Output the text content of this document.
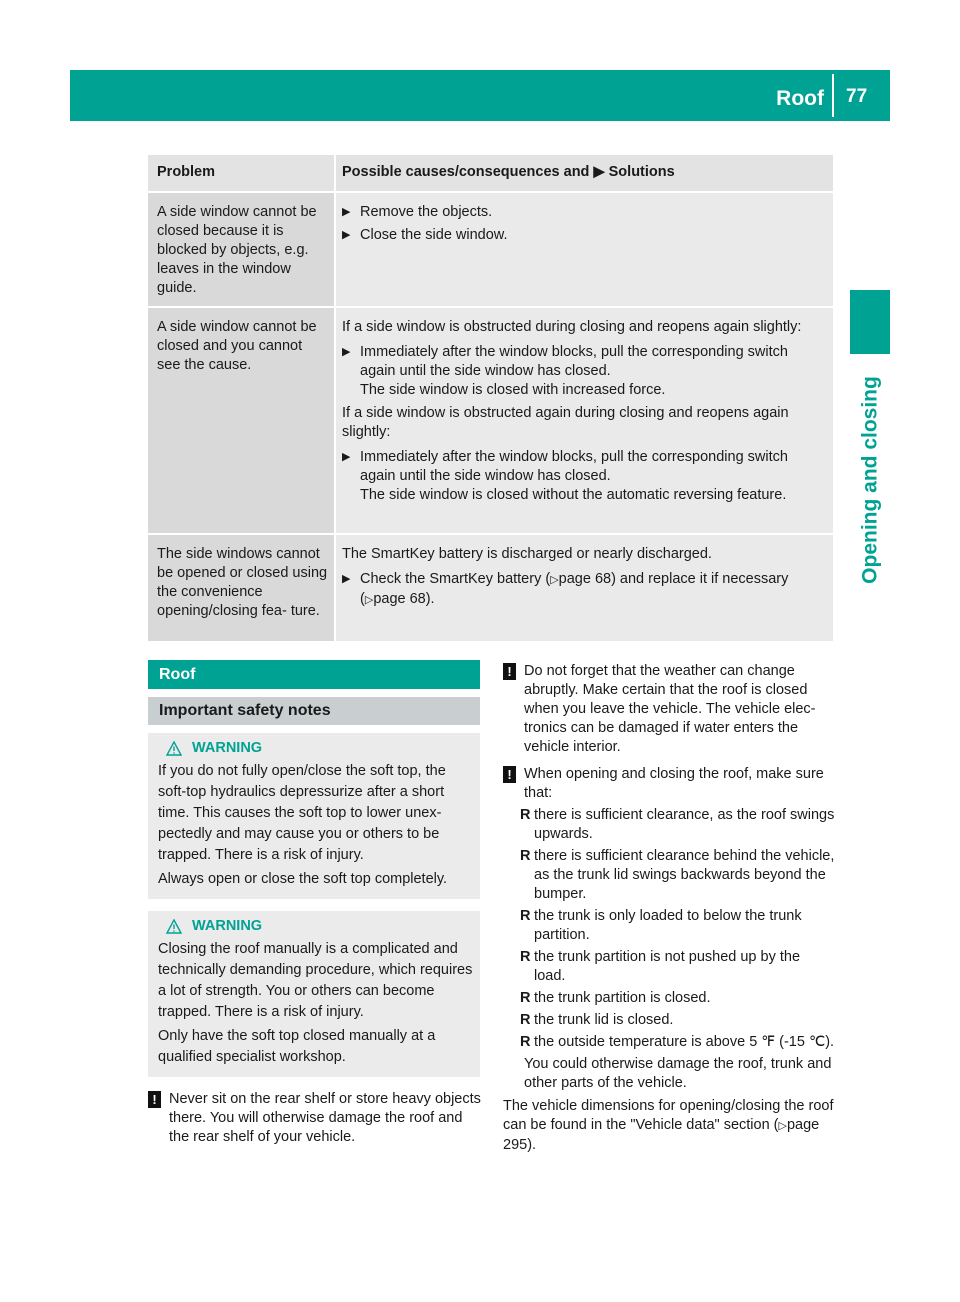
Roof 77
Opening and closing
Problem	Possible causes/consequences and ▶ Solutions
A side window cannot be closed because it is blocked by objects, e.g. leaves in the window guide.
▶ Remove the objects.
▶ Close the side window.
A side window cannot be closed and you cannot see the cause.
If a side window is obstructed during closing and reopens again slightly:
▶ Immediately after the window blocks, pull the corresponding switch again until the side window has closed.
The side window is closed with increased force.
If a side window is obstructed again during closing and reopens again slightly:
▶ Immediately after the window blocks, pull the corresponding switch again until the side window has closed.
The side window is closed without the automatic reversing feature.
The side windows cannot be opened or closed using the convenience opening/closing fea- ture.
The SmartKey battery is discharged or nearly discharged.
▶ Check the SmartKey battery (▷page 68) and replace it if necessary (▷page 68).
Roof
Important safety notes
WARNING
If you do not fully open/close the soft top, the soft-top hydraulics depressurize after a short time. This causes the soft top to lower unex- pectedly and may cause you or others to be trapped. There is a risk of injury.
Always open or close the soft top completely.
WARNING
Closing the roof manually is a complicated and technically demanding procedure, which requires a lot of strength. You or others can become trapped. There is a risk of injury.
Only have the soft top closed manually at a qualified specialist workshop.
! Never sit on the rear shelf or store heavy objects there. You will otherwise damage the roof and the rear shelf of your vehicle.
! Do not forget that the weather can change abruptly. Make certain that the roof is closed when you leave the vehicle. The vehicle elec- tronics can be damaged if water enters the vehicle interior.
! When opening and closing the roof, make sure that:
R there is sufficient clearance, as the roof swings upwards.
R there is sufficient clearance behind the vehicle, as the trunk lid swings backwards beyond the bumper.
R the trunk is only loaded to below the trunk partition.
R the trunk partition is not pushed up by the load.
R the trunk partition is closed.
R the trunk lid is closed.
R the outside temperature is above 5 ℉ (‑15 ℃).
You could otherwise damage the roof, trunk and other parts of the vehicle.
The vehicle dimensions for opening/closing the roof can be found in the "Vehicle data" section (▷page 295).
